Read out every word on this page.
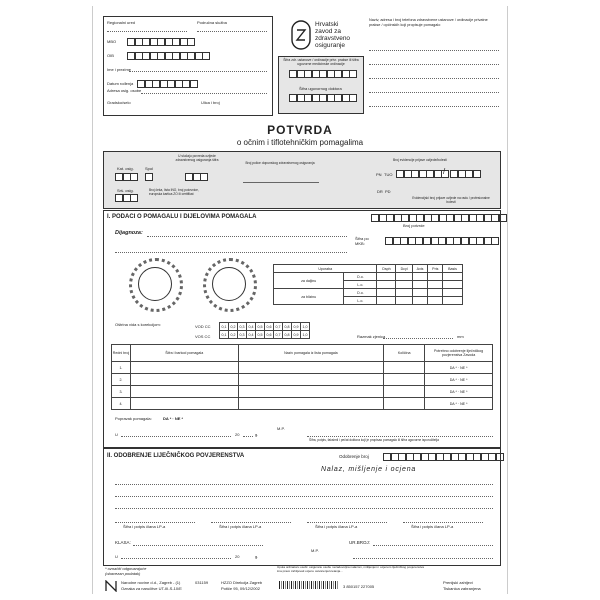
Regionalni ured	Područna služba
MBO
OIB
Ime i prezime
Datum rođenja
Adresa osig. osobe
Gradsko/selo	Ulica i broj
Hrvatski
zavod za
zdravstveno
osiguranje
Šifra zdr. ustanove / ordinacije privr. prakse ili šifra ugovorne medicinske ordinacije
Šifra ugovornog doktora
Naziv, adresa i broj telefona zdravstvene ustanove / ordinacije privatne prakse / općinskih koji propisuje pomagalo
POTVRDA
o očnim i tiflotehničkim pomagalima
Kat. osig.	Spol
U slučaju povreda ozljede zdravstvenog osiguranja šifra
Broj police dopunskog zdravstvenog osiguranja
Broj evidencije prijave ozljede/bolesti
PN TUO	/
DR PD
Evidencijski broj prijave ozljede na radu / profesionalne bolesti
Srš. osig.	Broj čeka, lista INO, broj putovnice, europska kartica ZO ili certifikat
I. PODACI O POMAGALU I DIJELOVIMA POMAGALA
Broj potvrde
Dijagnoza:
Šifra po MKB:
Uporaba		Dsph	Dcyl	Axis	Pris	Basis
za daljinu	D.o.					
	L.o.					
za blizinu	D.o.					
	L.o.					
Oštrina vida s korekcijom:	VOD CC
VOS CC
0,1	0,2	0,3	0,4	0,5	0,6	0,7	0,8	0,9	1,0
0,1	0,2	0,3	0,4	0,5	0,6	0,7	0,8	0,9	1,0	Razmak zjenica	mm
Redni broj	Šifra i barkod pomagala	Naziv pomagala iz lista pomagala	Količina	Potrebno odobrenje liječničkog povjerenstva Zavoda
1.				DA * · NE *
2.				DA * · NE *
3.				DA * · NE *
4.				DA * · NE *
Popravak pomagala:	DA * · NE *
U	20	g.
M.P.
Šifra, potpis, faksimil i pečat doktora koji je propisao pomagalo ili šifra ugovorne isporučitelja
II. ODOBRENJE LIJEČNIČKOG POVJERENSTVA	Odobrenje broj
Nalaz, mišljenje i ocjena
Šifra i potpis člana LP-a	Šifra i potpis člana LP-a	Šifra i potpis člana LP-a	Šifra i potpis člana LP-a
KLASA:	UR.BROJ:
U	20	g.
M.P.
* označiti odgovarajuće
(obavezan podatak)
Narodne novine d.d., Zagreb - (1)	031159
Oznaka za naručitve UT-III-S-10/E
HZZO Direkcija Zagreb
Potiče 95, 09/12/2002
Uputa ordinatoru osobi: osiguranu osobu nezadovoljna nalazom, mišljenjem i ocjenom liječničkog povjerenstva ima pravo zahtijevati ocjenu ostvarenja kretanja...
3 850157 227005
Prenijski zahtjevi
Tiskanica zabranjena
